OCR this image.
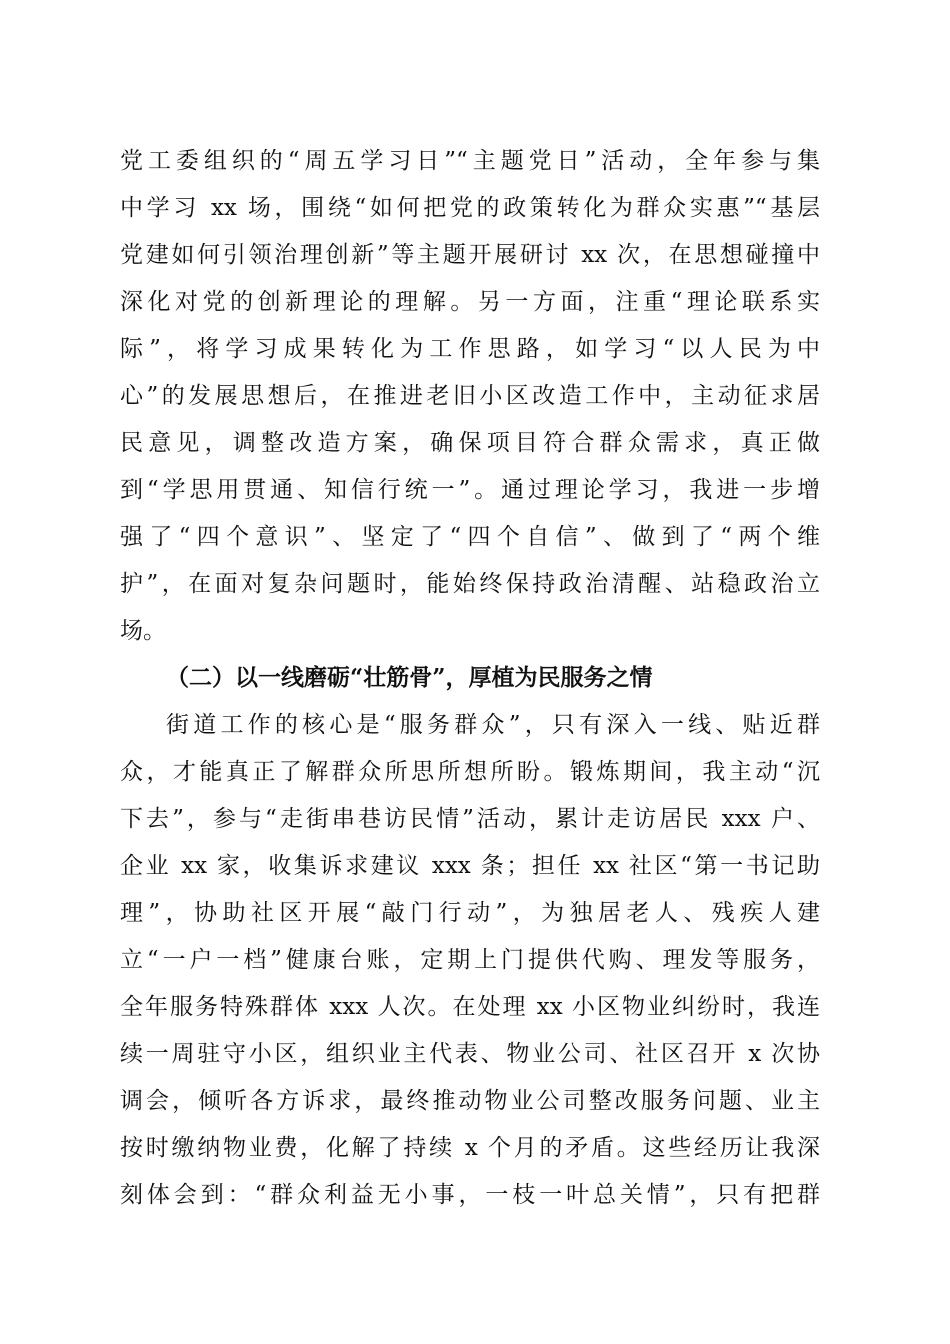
党工委组织的“周五学习日”“主题党日”活动，全年参与集
中学习 xx 场，围绕“如何把党的政策转化为群众实惠”“基层
党建如何引领治理创新”等主题开展研讨 xx 次，在思想碰撞中
深化对党的创新理论的理解。另一方面，注重“理论联系实
际”，将学习成果转化为工作思路，如学习“以人民为中
心”的发展思想后，在推进老旧小区改造工作中，主动征求居
民意见，调整改造方案，确保项目符合群众需求，真正做
到“学思用贯通、知信行统一”。通过理论学习，我进一步增
强了“四个意识”、坚定了“四个自信”、做到了“两个维
护”，在面对复杂问题时，能始终保持政治清醒、站稳政治立
场。
（二）以一线磨砺“壮筋骨”，厚植为民服务之情
街道工作的核心是“服务群众”，只有深入一线、贴近群
众，才能真正了解群众所思所想所盼。锻炼期间，我主动“沉
下去”，参与“走街串巷访民情”活动，累计走访居民 xxx 户、
企业 xx 家，收集诉求建议 xxx 条；担任 xx 社区“第一书记助
理”，协助社区开展“敲门行动”，为独居老人、残疾人建
立“一户一档”健康台账，定期上门提供代购、理发等服务，
全年服务特殊群体 xxx 人次。在处理 xx 小区物业纠纷时，我连
续一周驻守小区，组织业主代表、物业公司、社区召开 x 次协
调会，倾听各方诉求，最终推动物业公司整改服务问题、业主
按时缴纳物业费，化解了持续 x 个月的矛盾。这些经历让我深
刻体会到：“群众利益无小事，一枝一叶总关情”，只有把群
